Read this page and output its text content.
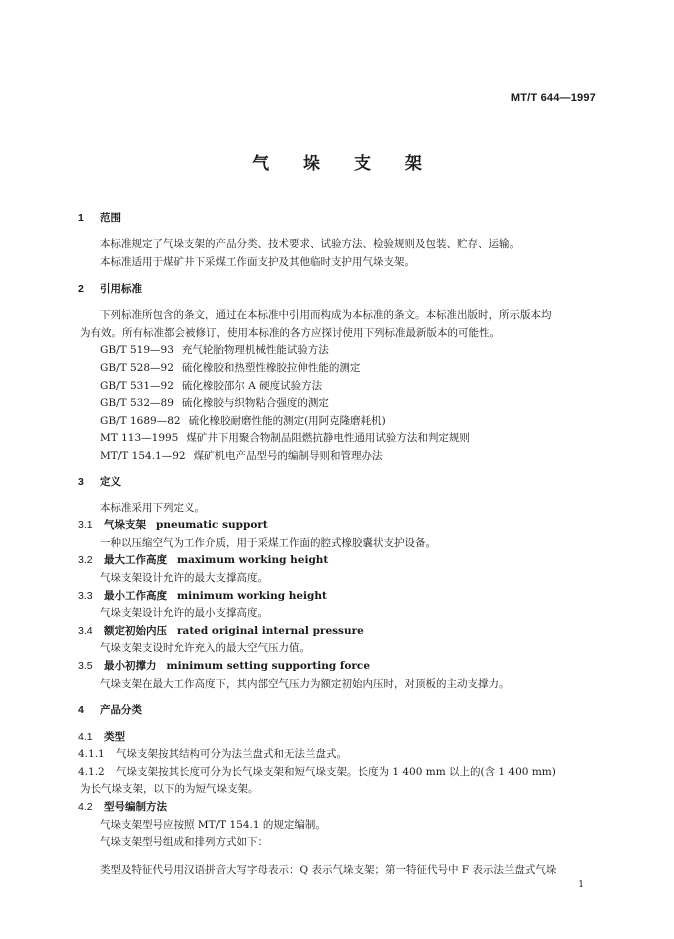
MT/T 644—1997
气 垛 支 架
1 范围
本标准规定了气垛支架的产品分类、技术要求、试验方法、检验规则及包装、贮存、运输。
本标准适用于煤矿井下采煤工作面支护及其他临时支护用气垛支架。
2 引用标准
下列标准所包含的条文，通过在本标准中引用而构成为本标准的条文。本标准出版时，所示版本均
为有效。所有标准都会被修订，使用本标准的各方应探讨使用下列标准最新版本的可能性。
GB/T 519—93 充气轮胎物理机械性能试验方法
GB/T 528—92 硫化橡胶和热塑性橡胶拉伸性能的测定
GB/T 531—92 硫化橡胶邵尔 A 硬度试验方法
GB/T 532—89 硫化橡胶与织物粘合强度的测定
GB/T 1689—82 硫化橡胶耐磨性能的测定(用阿克隆磨耗机)
MT 113—1995 煤矿井下用聚合物制品阻燃抗静电性通用试验方法和判定规则
MT/T 154.1—92 煤矿机电产品型号的编制导则和管理办法
3 定义
本标准采用下列定义。
3.1 气垛支架 pneumatic support
一种以压缩空气为工作介质，用于采煤工作面的腔式橡胶囊状支护设备。
3.2 最大工作高度 maximum working height
气垛支架设计允许的最大支撑高度。
3.3 最小工作高度 minimum working height
气垛支架设计允许的最小支撑高度。
3.4 额定初始内压 rated original internal pressure
气垛支架支设时允许充入的最大空气压力值。
3.5 最小初撑力 minimum setting supporting force
气垛支架在最大工作高度下，其内部空气压力为额定初始内压时，对顶板的主动支撑力。
4 产品分类
4.1 类型
4.1.1 气垛支架按其结构可分为法兰盘式和无法兰盘式。
4.1.2 气垛支架按其长度可分为长气垛支架和短气垛支架。长度为 1 400 mm 以上的(含 1 400 mm)
为长气垛支架，以下的为短气垛支架。
4.2 型号编制方法
气垛支架型号应按照 MT/T 154.1 的规定编制。
气垛支架型号组成和排列方式如下：
类型及特征代号用汉语拼音大写字母表示：Q 表示气垛支架；第一特征代号中 F 表示法兰盘式气垛
1
